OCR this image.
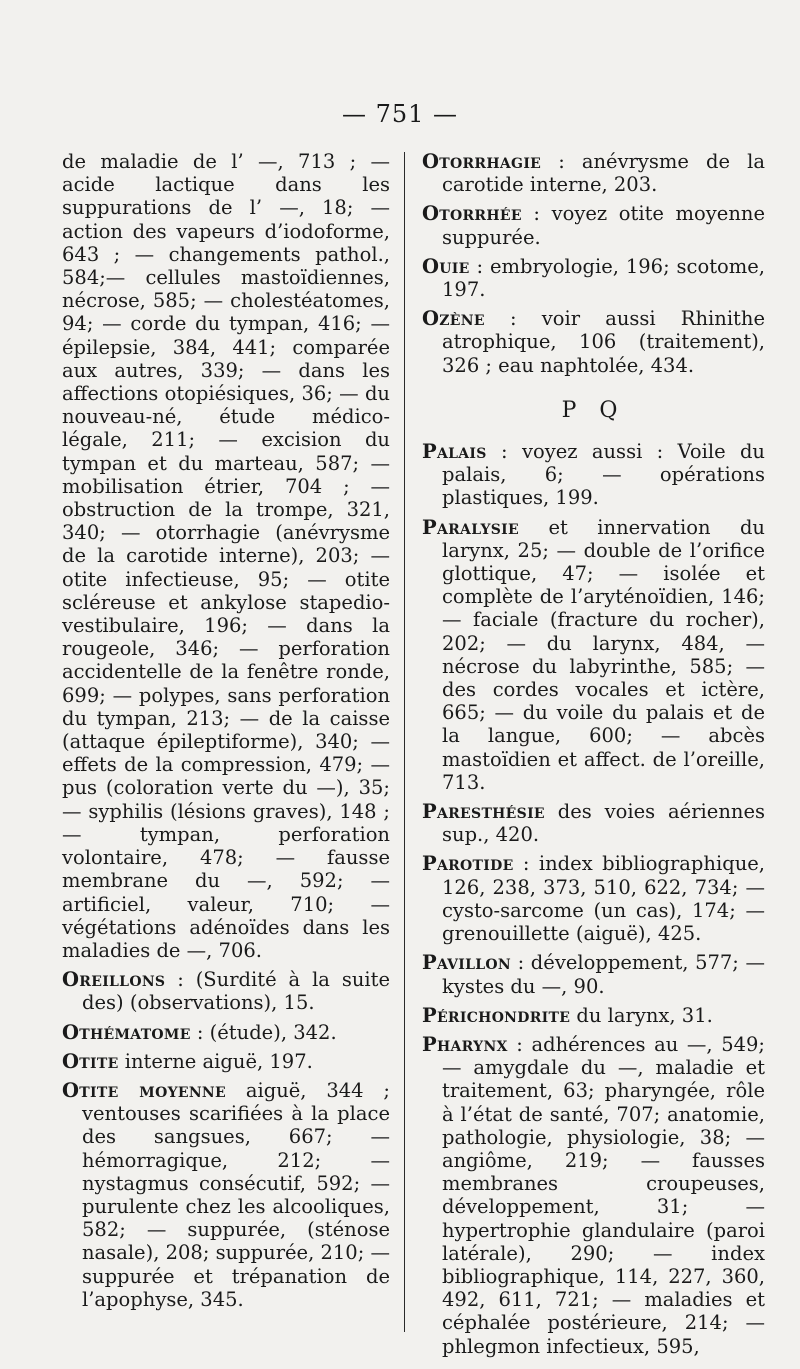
— 751 —

de maladie de l’ —, 713 ; — acide lactique dans les suppurations de l’ —, 18; — action des vapeurs d’iodoforme, 643 ; — changements pathol., 584;— cellules mastoïdiennes, nécrose, 585; — cholestéatomes, 94; — corde du tympan, 416; — épilepsie, 384, 441; comparée aux autres, 339; — dans les affections otopiésiques, 36; — du nouveau-né, étude médico-légale, 211; — excision du tympan et du marteau, 587; — mobilisation étrier, 704 ; — obstruction de la trompe, 321, 340; — otorrhagie (anévrysme de la carotide interne), 203; — otite infectieuse, 95; — otite scléreuse et ankylose stapedio-vestibulaire, 196; — dans la rougeole, 346; — perforation accidentelle de la fenêtre ronde, 699; — polypes, sans perforation du tympan, 213; — de la caisse (attaque épileptiforme), 340; — effets de la compression, 479; — pus (coloration verte du —), 35; — syphilis (lésions graves), 148 ; — tympan, perforation volontaire, 478; — fausse membrane du —, 592; — artificiel, valeur, 710; — végétations adénoïdes dans les maladies de —, 706.

Oreillons : (Surdité à la suite des) (observations), 15.

Othématome : (étude), 342.

Otite interne aiguë, 197.

Otite moyenne aiguë, 344 ; ventouses scarifiées à la place des sangsues, 667; — hémorragique, 212; — nystagmus consécutif, 592; — purulente chez les alcooliques, 582; — suppurée, (sténose nasale), 208; suppurée, 210; — suppurée et trépanation de l’apophyse, 345.

Otorrhagie : anévrysme de la carotide interne, 203.

Otorrhée : voyez otite moyenne suppurée.

Ouie : embryologie, 196; scotome, 197.

Ozène : voir aussi Rhinithe atrophique, 106 (traitement), 326 ; eau naphtolée, 434.

P Q

Palais : voyez aussi : Voile du palais, 6; — opérations plastiques, 199.

Paralysie et innervation du larynx, 25; — double de l’orifice glottique, 47; — isolée et complète de l’aryténoïdien, 146; — faciale (fracture du rocher), 202; — du larynx, 484, — nécrose du labyrinthe, 585; — des cordes vocales et ictère, 665; — du voile du palais et de la langue, 600; — abcès mastoïdien et affect. de l’oreille, 713.

Paresthésie des voies aériennes sup., 420.

Parotide : index bibliographique, 126, 238, 373, 510, 622, 734; — cysto-sarcome (un cas), 174; — grenouillette (aiguë), 425.

Pavillon : développement, 577; — kystes du —, 90.

Périchondrite du larynx, 31.

Pharynx : adhérences au —, 549; — amygdale du —, maladie et traitement, 63; pharyngée, rôle à l’état de santé, 707; anatomie, pathologie, physiologie, 38; — angiôme, 219; — fausses membranes croupeuses, développement, 31; — hypertrophie glandulaire (paroi latérale), 290; — index bibliographique, 114, 227, 360, 492, 611, 721; — maladies et céphalée postérieure, 214; — phlegmon infectieux, 595,
